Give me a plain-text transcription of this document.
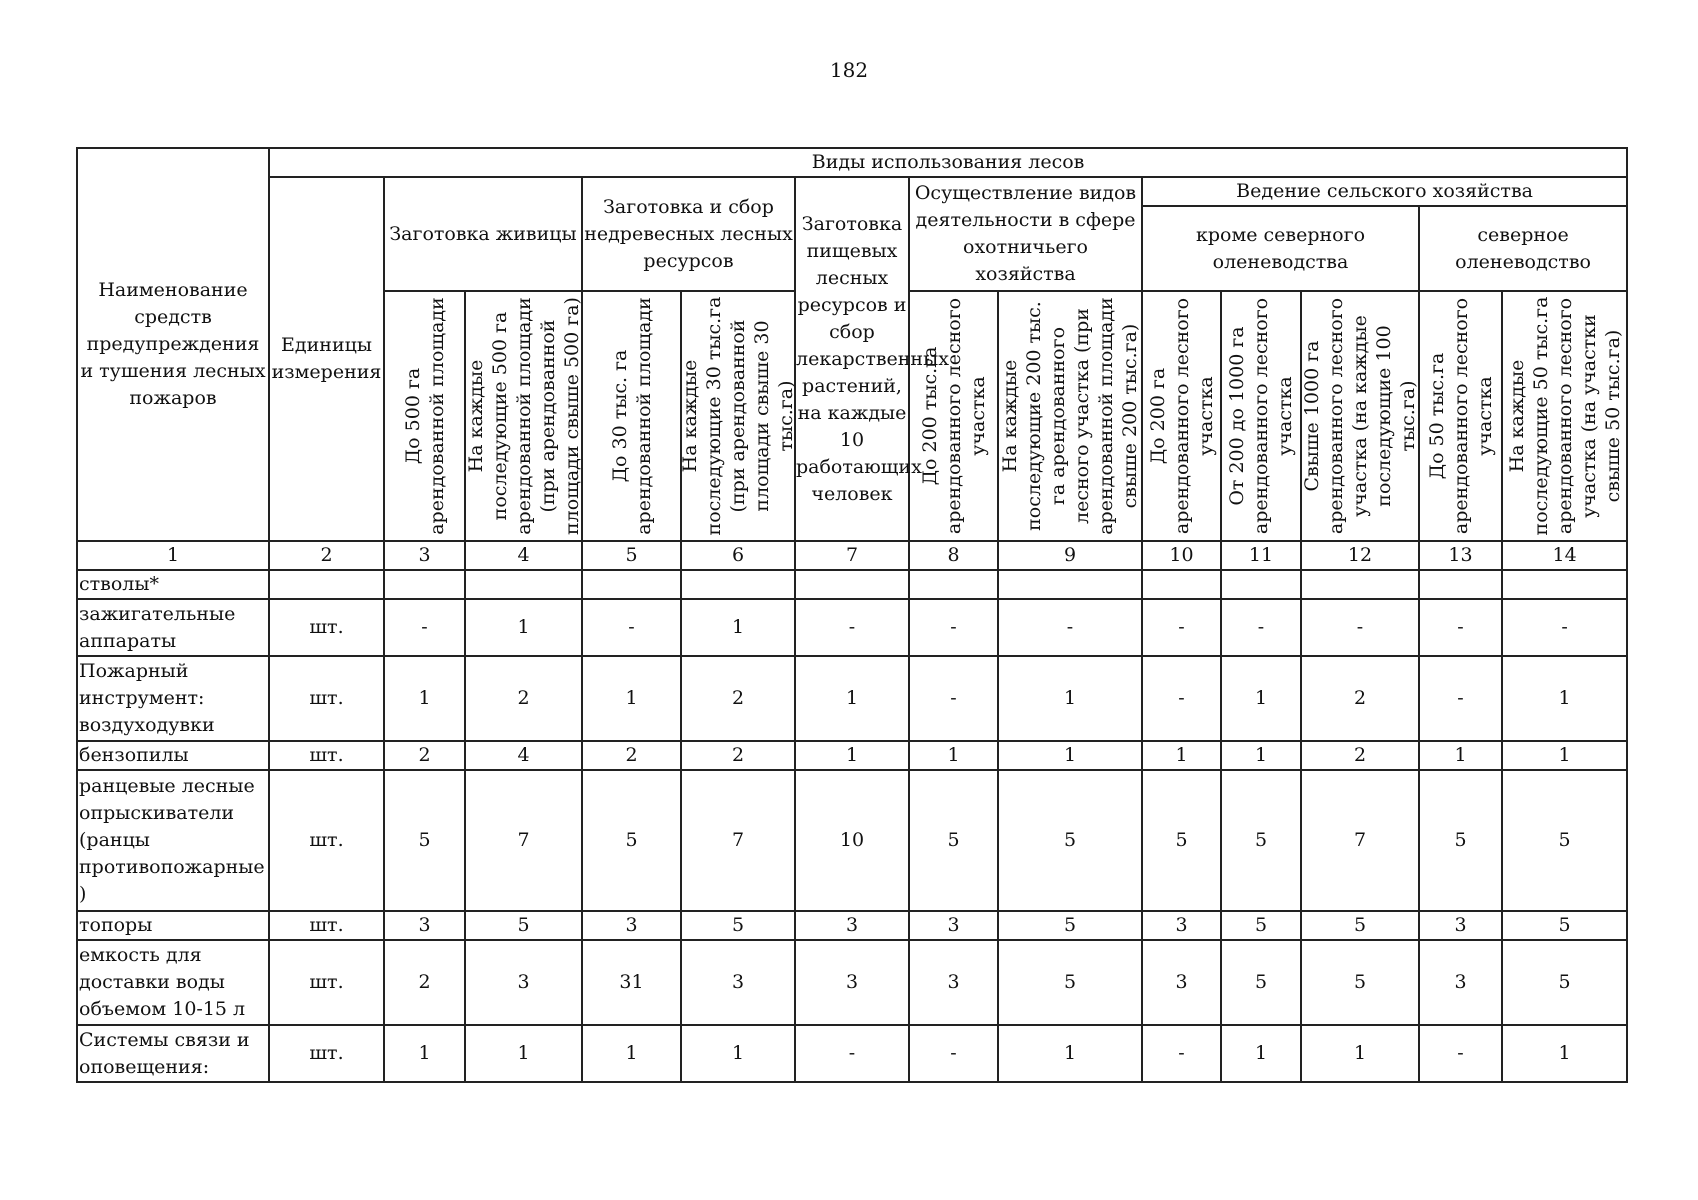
182
Наименование средств предупреждения и тушения лесных пожаров	Виды использования лесов												
	Единицы измерения	Заготовка живицы		Заготовка и сбор недревесных лесных ресурсов		Заготовка пищевых лесных ресурсов и сбор лекарственных растений, на каждые 10 работающих человек	Осуществление видов деятельности в сфере охотничьего хозяйства		Ведение сельского хозяйства				
									кроме северного оленеводства			северное оленеводство	

		До 500 га арендованной площади	На каждые последующие 500 га арендованной площади (при арендованной площади свыше 500 га)	До 30 тыс. га арендованной площади	На каждые последующие 30 тыс.га (при арендованной площади свыше 30 тыс.га)		До 200 тыс.га арендованного лесного участка	На каждые последующие 200 тыс. га арендованного лесного участка (при арендованной площади свыше 200 тыс.га)	До 200 га арендованного лесного участка	От 200 до 1000 га арендованного лесного участка	Свыше 1000 га арендованного лесного участка (на каждые последующие 100 тыс.га)	До 50 тыс.га арендованного лесного участка	На каждые последующие 50 тыс.га арендованного лесного участка (на участки свыше 50 тыс.га)

1	2	3	4	5	6	7	8	9	10	11	12	13	14
стволы*													
зажигательные аппараты	шт.	-	1	-	1	-	-	-	-	-	-	-	-
Пожарный инструмент: воздуходувки	шт.	1	2	1	2	1	-	1	-	1	2	-	1
бензопилы	шт.	2	4	2	2	1	1	1	1	1	2	1	1
ранцевые лесные опрыскиватели (ранцы противопожарные )	шт.	5	7	5	7	10	5	5	5	5	7	5	5
топоры	шт.	3	5	3	5	3	3	5	3	5	5	3	5
емкость для доставки воды объемом 10-15 л	шт.	2	3	31	3	3	3	5	3	5	5	3	5
Системы связи и оповещения:	шт.	1	1	1	1	-	-	1	-	1	1	-	1
